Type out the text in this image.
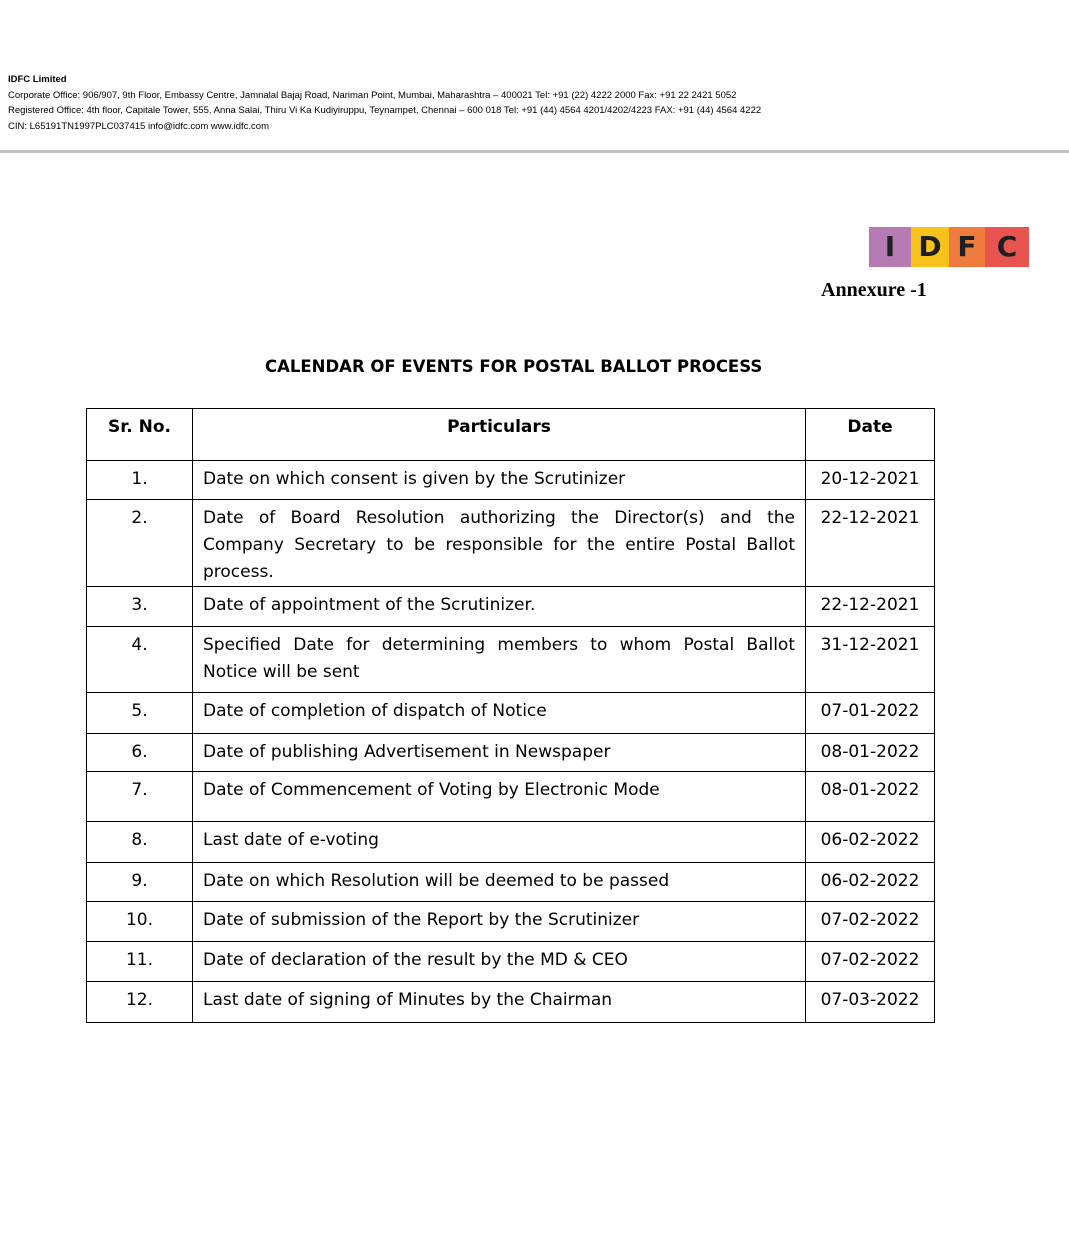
IDFC Limited
Corporate Office: 906/907, 9th Floor, Embassy Centre, Jamnalal Bajaj Road, Nariman Point, Mumbai, Maharashtra – 400021 Tel: +91 (22) 4222 2000 Fax: +91 22 2421 5052
Registered Office: 4th floor, Capitale Tower, 555, Anna Salai, Thiru Vi Ka Kudiyiruppu, Teynampet, Chennai – 600 018 Tel: +91 (44) 4564 4201/4202/4223 FAX: +91 (44) 4564 4222
CIN: L65191TN1997PLC037415 info@idfc.com www.idfc.com
I D F C
Annexure -1
CALENDAR OF EVENTS FOR POSTAL BALLOT PROCESS
Sr. No.	Particulars	Date
1.	Date on which consent is given by the Scrutinizer	20-12-2021
2.	Date of Board Resolution authorizing the Director(s) and the Company Secretary to be responsible for the entire Postal Ballot process.	22-12-2021
3.	Date of appointment of the Scrutinizer.	22-12-2021
4.	Specified Date for determining members to whom Postal Ballot Notice will be sent	31-12-2021
5.	Date of completion of dispatch of Notice	07-01-2022
6.	Date of publishing Advertisement in Newspaper	08-01-2022
7.	Date of Commencement of Voting by Electronic Mode	08-01-2022
8.	Last date of e-voting	06-02-2022
9.	Date on which Resolution will be deemed to be passed	06-02-2022
10.	Date of submission of the Report by the Scrutinizer	07-02-2022
11.	Date of declaration of the result by the MD & CEO	07-02-2022
12.	Last date of signing of Minutes by the Chairman	07-03-2022
